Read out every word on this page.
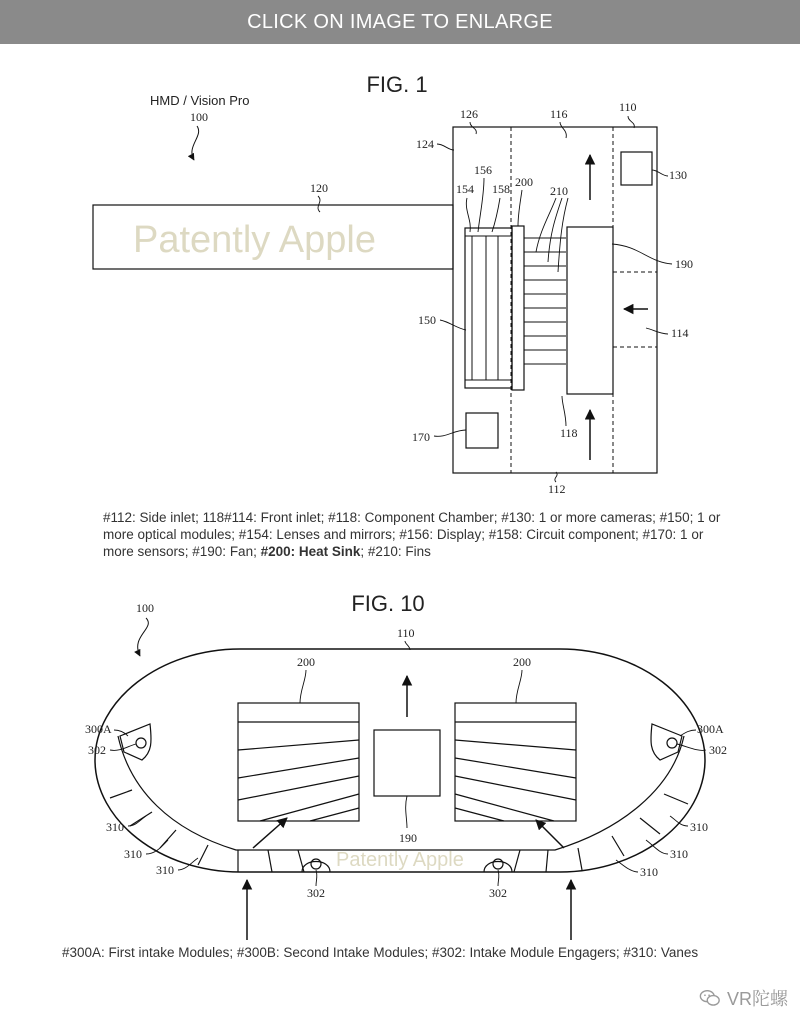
CLICK ON IMAGE TO ENLARGE
FIG. 1
HMD / Vision Pro
100
Patently Apple
120
110
126	116
124
130
156
154 158 200
210
190
114
150
118
170
112
FIG. 10
100
110
Patently Apple
200	200
190
300A
302
300A
302
310
310
310
310
310
310
302	302
#112: Side inlet; 118#114: Front inlet; #118: Component Chamber; #130: 1 or more cameras; #150; 1 or more optical modules; #154: Lenses and mirrors; #156: Display; #158: Circuit component; #170: 1 or more sensors; #190: Fan; #200: Heat Sink; #210: Fins
#300A: First intake Modules; #300B: Second Intake Modules; #302: Intake Module Engagers; #310: Vanes
VR陀螺
